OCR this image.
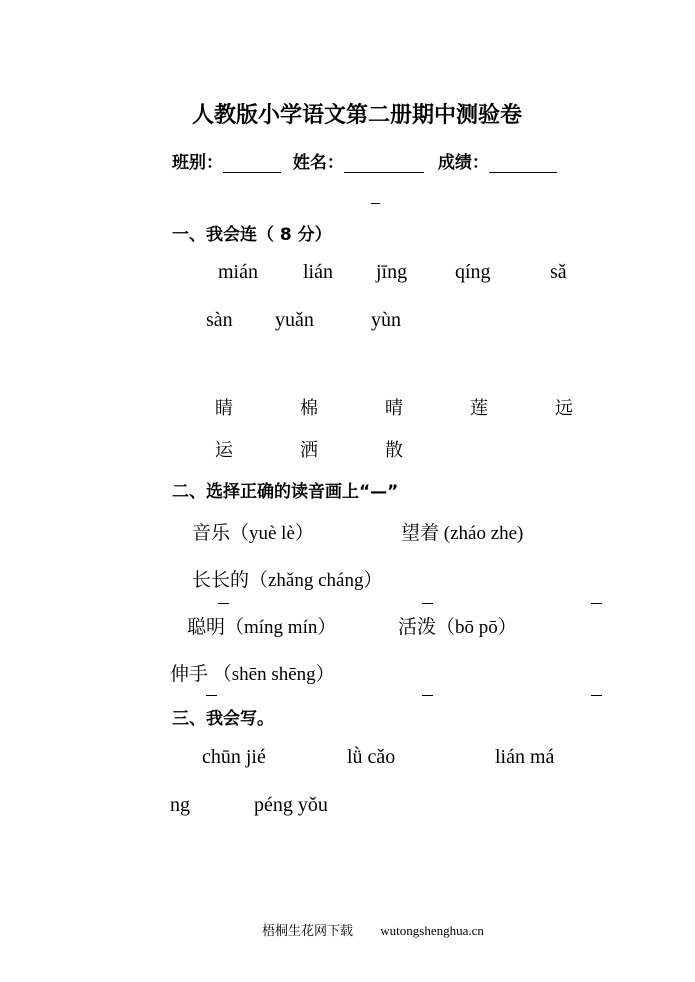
人教版小学语文第二册期中测验卷
班别：	姓名：	成绩：
一、我会连（ 8 分）
mián lián jīng qíng	sǎ
sàn yuǎn	yùn
睛	棉	晴	莲	远
运	洒	散
二、选择正确的读音画上“—”
音乐（yuè lè）	望着 (zháo zhe)
长长的（zhǎng cháng）
聪明（míng mín）	活泼（bō pō）
伸手 （shēn shēng）
三、我会写。
chūn jié	lǜ cǎo	lián má
ng	péng yǒu
梧桐生花网下载 wutongshenghua.cn
